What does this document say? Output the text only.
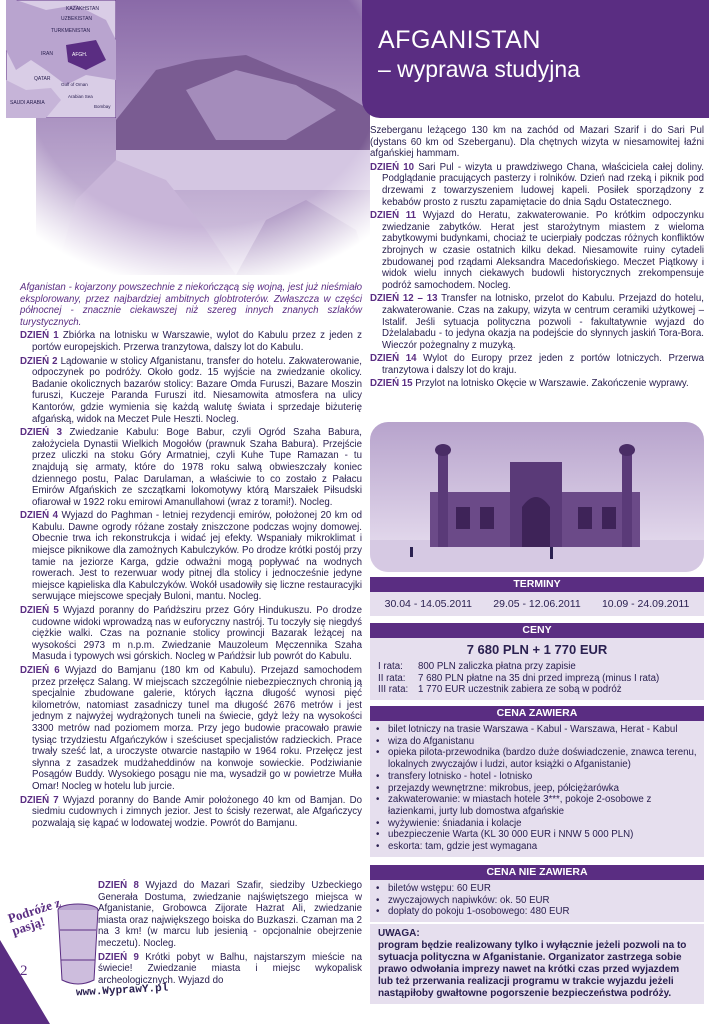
KAZAKHSTAN
UZBEKISTAN
TURKMENISTAN
IRAN
QATAR
SAUDI ARABIA
AFGH.
Gulf of Oman
Arabian Sea
Bombay
AFGANISTAN
– wyprawa studyjna

Afganistan - kojarzony powszechnie z niekończącą się wojną, jest już nieśmiało eksplorowany, przez najbardziej ambitnych globtroterów. Zwłaszcza w części północnej - znacznie ciekawszej niż szereg innych znanych szlaków turystycznych.

DZIEŃ 1 Zbiórka na lotnisku w Warszawie, wylot do Kabulu przez z jeden z portów europejskich. Przerwa tranzytowa, dalszy lot do Kabulu.

DZIEŃ 2 Lądowanie w stolicy Afganistanu, transfer do hotelu. Zakwaterowanie, odpoczynek po podróży. Około godz. 15 wyjście na zwiedzanie okolicy. Badanie okolicznych bazarów stolicy: Bazare Omda Furuszi, Bazare Moszin furuszi, Kuczeje Paranda Furuszi itd. Niesamowita atmosfera na ulicy Kantorów, gdzie wymienia się każdą walutę świata i sprzedaje biżuterię afgańską, widok na Meczet Pule Heszti. Nocleg.

DZIEŃ 3 Zwiedzanie Kabulu: Boge Babur, czyli Ogród Szaha Babura, założyciela Dynastii Wielkich Mogołów (prawnuk Szaha Babura). Przejście przez uliczki na stoku Góry Armatniej, czyli Kuhe Tupe Ramazan - tu znajdują się armaty, które do 1978 roku salwą obwieszczały koniec dziennego postu, Palac Darulaman, a właściwie to co zostało z Pałacu Emirów Afgańskich ze szczątkami lokomotywy którą Marszałek Piłsudski ofiarował w 1922 roku emirowi Amanullahowi (wraz z torami!). Nocleg.

DZIEŃ 4 Wyjazd do Paghman - letniej rezydencji emirów, położonej 20 km od Kabulu. Dawne ogrody różane zostały zniszczone podczas wojny domowej. Obecnie trwa ich rekonstrukcja i widać jej efekty. Wspaniały mikroklimat i miejsce piknikowe dla zamożnych Kabulczyków. Po drodze krótki postój przy tamie na jeziorze Karga, gdzie odważni mogą popływać na wodnych rowerach. Jest to rezerwuar wody pitnej dla stolicy i jednocześnie jedyne miejsce kąpieliska dla Kabulczyków. Wokół usadowiły się liczne restauracyjki serwujące miejscowe specjały Buloni, mantu. Nocleg.

DZIEŃ 5 Wyjazd poranny do Pańdższiru przez Góry Hindukuszu. Po drodze cudowne widoki wprowadzą nas w euforyczny nastrój. Tu toczyły się niegdyś ciężkie walki. Czas na poznanie stolicy prowincji Bazarak leżącej na wysokości 2973 m n.p.m. Zwiedzanie Mauzoleum Męczennika Szaha Masuda i typowych wsi górskich. Nocleg w Pańdżsir lub powrót do Kabulu.

DZIEŃ 6 Wyjazd do Bamjanu (180 km od Kabulu). Przejazd samochodem przez przełęcz Salang. W miejscach szczególnie niebezpiecznych chronią ją specjalnie zbudowane galerie, których łączna długość wynosi pięć kilometrów, natomiast zasadniczy tunel ma długość 2676 metrów i jest jednym z najwyżej wydrążonych tuneli na świecie, gdyż leży na wysokości 3300 metrów nad poziomem morza. Przy jego budowie pracowało prawie tysiąc trzydziestu Afgańczyków i sześciuset specjalistów radzieckich. Prace trwały sześć lat, a uroczyste otwarcie nastąpiło w 1964 roku. Przełęcz jest słynna z zasadzek mudżaheddinów na konwoje sowieckie. Podziwianie Posągów Buddy. Wysokiego posągu nie ma, wysadził go w powietrze Mułła Omar! Nocleg w hotelu lub jurcie.

DZIEŃ 7 Wyjazd poranny do Bande Amir położonego 40 km od Bamjan. Do siedmiu cudownych i zimnych jezior. Jest to ścisły rezerwat, ale Afgańczycy pozwalają się kąpać w lodowatej wodzie. Powrót do Bamjanu.

DZIEŃ 8 Wyjazd do Mazari Szafir, siedziby Uzbeckiego Generała Dostuma, zwiedzanie najświętszego miejsca w Afganistanie, Grobowca Zijorate Hazrat Ali, zwiedzanie miasta oraz największego boiska do Buzkaszi. Czaman ma 2 na 3 km! (w marcu lub jesienią - opcjonalnie obejrzenie meczetu). Nocleg.

DZIEŃ 9 Krótki pobyt w Balhu, najstarszym mieście na świecie! Zwiedzanie miasta i miejsc wykopalisk archeologicznych. Wyjazd do

Szeberganu leżącego 130 km na zachód od Mazari Szarif i do Sari Pul (dystans 60 km od Szeberganu). Dla chętnych wizyta w niesamowitej łaźni afgańskiej hammam.

DZIEŃ 10 Sari Pul - wizyta u prawdziwego Chana, właściciela całej doliny. Podglądanie pracujących pasterzy i rolników. Dzień nad rzeką i piknik pod drzewami z towarzyszeniem ludowej kapeli. Posiłek sporządzony z kebabów prosto z rusztu zapamiętacie do dnia Sądu Ostatecznego.

DZIEŃ 11 Wyjazd do Heratu, zakwaterowanie. Po krótkim odpoczynku zwiedzanie zabytków. Herat jest starożytnym miastem z wieloma zabytkowymi budynkami, chociaż te ucierpiały podczas różnych konfliktów zbrojnych w czasie ostatnich kilku dekad. Niesamowite ruiny cytadeli zbudowanej pod rządami Aleksandra Macedońskiego. Meczet Piątkowy i widok wielu innych ciekawych budowli historycznych zrekompensuje podróż samochodem. Nocleg.

DZIEŃ 12 – 13 Transfer na lotnisko, przelot do Kabulu. Przejazd do hotelu, zakwaterowanie. Czas na zakupy, wizyta w centrum ceramiki użytkowej – Istalif. Jeśli sytuacja polityczna pozwoli - fakultatywnie wyjazd do Dżelalabadu - to jedyna okazja na podejście do słynnych jaskiń Tora-Bora. Wieczór pożegnalny z muzyką.

DZIEŃ 14 Wylot do Europy przez jeden z portów lotniczych. Przerwa tranzytowa i dalszy lot do kraju.

DZIEŃ 15 Przylot na lotnisko Okęcie w Warszawie. Zakończenie wyprawy.

TERMINY
30.04 - 14.05.2011 29.05 - 12.06.2011 10.09 - 24.09.2011
CENY
7 680 PLN + 1 770 EUR
I rata: 800 PLN zaliczka płatna przy zapisie
II rata: 7 680 PLN płatne na 35 dni przed imprezą (minus I rata)
III rata: 1 770 EUR uczestnik zabiera ze sobą w podróż
CENA ZAWIERA
• bilet lotniczy na trasie Warszawa - Kabul - Warszawa, Herat - Kabul
• wiza do Afganistanu
• opieka pilota-przewodnika (bardzo duże doświadczenie, znawca terenu, lokalnych zwyczajów i ludzi, autor książki o Afganistanie)
• transfery lotnisko - hotel - lotnisko
• przejazdy wewnętrzne: mikrobus, jeep, półciężarówka
• zakwaterowanie: w miastach hotele 3***, pokoje 2-osobowe z łazienkami, jurty lub domostwa afgańskie
• wyżywienie: śniadania i kolacje
• ubezpieczenie Warta (KL 30 000 EUR i NNW 5 000 PLN)
• eskorta: tam, gdzie jest wymagana
CENA NIE ZAWIERA
• biletów wstępu: 60 EUR
• zwyczajowych napiwków: ok. 50 EUR
• dopłaty do pokoju 1-osobowego: 480 EUR
UWAGA:
program będzie realizowany tylko i wyłącznie jeżeli pozwoli na to sytuacja polityczna w Afganistanie. Organizator zastrzega sobie prawo odwołania imprezy nawet na krótki czas przed wyjazdem lub też przerwania realizacji programu w trakcie wyjazdu jeżeli nastąpiłoby gwałtowne pogorszenie bezpieczeństwa podróży.
Podróże z pasją!
2
www.WyprawY.pl
